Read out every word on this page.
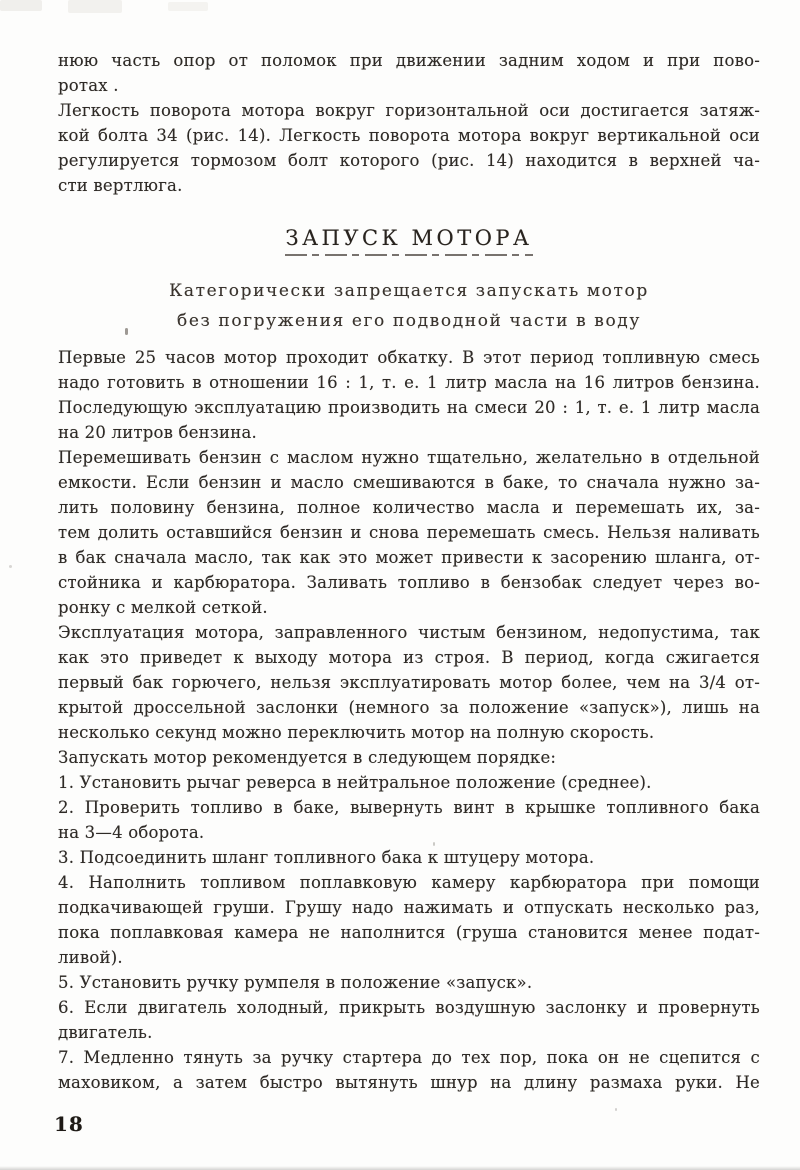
нюю часть опор от поломок при движении задним ходом и при пово-
ротах .
Легкость поворота мотора вокруг горизонтальной оси достигается затяж-
кой болта 34 (рис. 14). Легкость поворота мотора вокруг вертикальной оси
регулируется тормозом болт которого (рис. 14) находится в верхней ча-
сти вертлюга.
ЗАПУСК МОТОРА
Категорически запрещается запускать мотор
без погружения его подводной части в воду
Первые 25 часов мотор проходит обкатку. В этот период топливную смесь
надо готовить в отношении 16 : 1, т. е. 1 литр масла на 16 литров бензина.
Последующую эксплуатацию производить на смеси 20 : 1, т. е. 1 литр масла
на 20 литров бензина.
Перемешивать бензин с маслом нужно тщательно, желательно в отдельной
емкости. Если бензин и масло смешиваются в баке, то сначала нужно за-
лить половину бензина, полное количество масла и перемешать их, за-
тем долить оставшийся бензин и снова перемешать смесь. Нельзя наливать
в бак сначала масло, так как это может привести к засорению шланга, от-
стойника и карбюратора. Заливать топливо в бензобак следует через во-
ронку с мелкой сеткой.
Эксплуатация мотора, заправленного чистым бензином, недопустима, так
как это приведет к выходу мотора из строя. В период, когда сжигается
первый бак горючего, нельзя эксплуатировать мотор более, чем на 3/4 от-
крытой дроссельной заслонки (немного за положение «запуск»), лишь на
несколько секунд можно переключить мотор на полную скорость.
Запускать мотор рекомендуется в следующем порядке:
1. Установить рычаг реверса в нейтральное положение (среднее).
2. Проверить топливо в баке, вывернуть винт в крышке топливного бака
на 3—4 оборота.
3. Подсоединить шланг топливного бака к штуцеру мотора.
4. Наполнить топливом поплавковую камеру карбюратора при помощи
подкачивающей груши. Грушу надо нажимать и отпускать несколько раз,
пока поплавковая камера не наполнится (груша становится менее подат-
ливой).
5. Установить ручку румпеля в положение «запуск».
6. Если двигатель холодный, прикрыть воздушную заслонку и провернуть
двигатель.
7. Медленно тянуть за ручку стартера до тех пор, пока он не сцепится с
маховиком, а затем быстро вытянуть шнур на длину размаха руки. Не
18
